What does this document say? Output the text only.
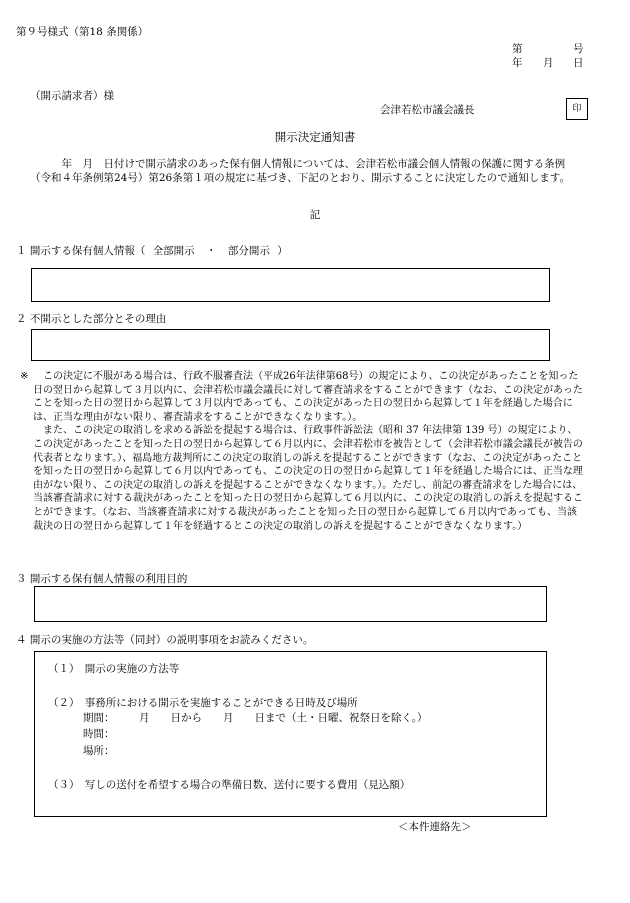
第９号様式（第18 条関係）
第	号
年 月 日
（開示請求者）様
会津若松市議会議長	印
開示決定通知書
　　　年　月　日付けで開示請求のあった保有個人情報については、会津若松市議会個人情報の保護に関する条例（令和４年条例第24号）第26条第１項の規定に基づき、下記のとおり、開示することに決定したので通知します。
記
１ 開示する保有個人情報（ 全部開示 ・ 部分開示 ）
２ 不開示とした部分とその理由
※	この決定に不服がある場合は、行政不服審査法（平成26年法律第68号）の規定により、この決定があったことを知った日の翌日から起算して３月以内に、会津若松市議会議長に対して審査請求をすることができます（なお、この決定があったことを知った日の翌日から起算して３月以内であっても、この決定があった日の翌日から起算して１年を経過した場合には、正当な理由がない限り、審査請求をすることができなくなります。）。

また、この決定の取消しを求める訴訟を提起する場合は、行政事件訴訟法（昭和 37 年法律第 139 号）の規定により、この決定があったことを知った日の翌日から起算して６月以内に、会津若松市を被告として（会津若松市議会議長が被告の代表者となります。）、福島地方裁判所にこの決定の取消しの訴えを提起することができます（なお、この決定があったことを知った日の翌日から起算して６月以内であっても、この決定の日の翌日から起算して１年を経過した場合には、正当な理由がない限り、この決定の取消しの訴えを提起することができなくなります。）。ただし、前記の審査請求をした場合には、当該審査請求に対する裁決があったことを知った日の翌日から起算して６月以内に、この決定の取消しの訴えを提起することができます。（なお、当該審査請求に対する裁決があったことを知った日の翌日から起算して６月以内であっても、当該裁決の日の翌日から起算して１年を経過するとこの決定の取消しの訴えを提起することができなくなります。）

３ 開示する保有個人情報の利用目的
４ 開示の実施の方法等（同封）の説明事項をお読みください。
（１）　開示の実施の方法等
（２）　事務所における開示を実施することができる日時及び場所
期間： 月　　日から　　月　　日まで（土・日曜、祝祭日を除く。）
時間：
場所：
（３）　写しの送付を希望する場合の準備日数、送付に要する費用（見込額）
＜本件連絡先＞
